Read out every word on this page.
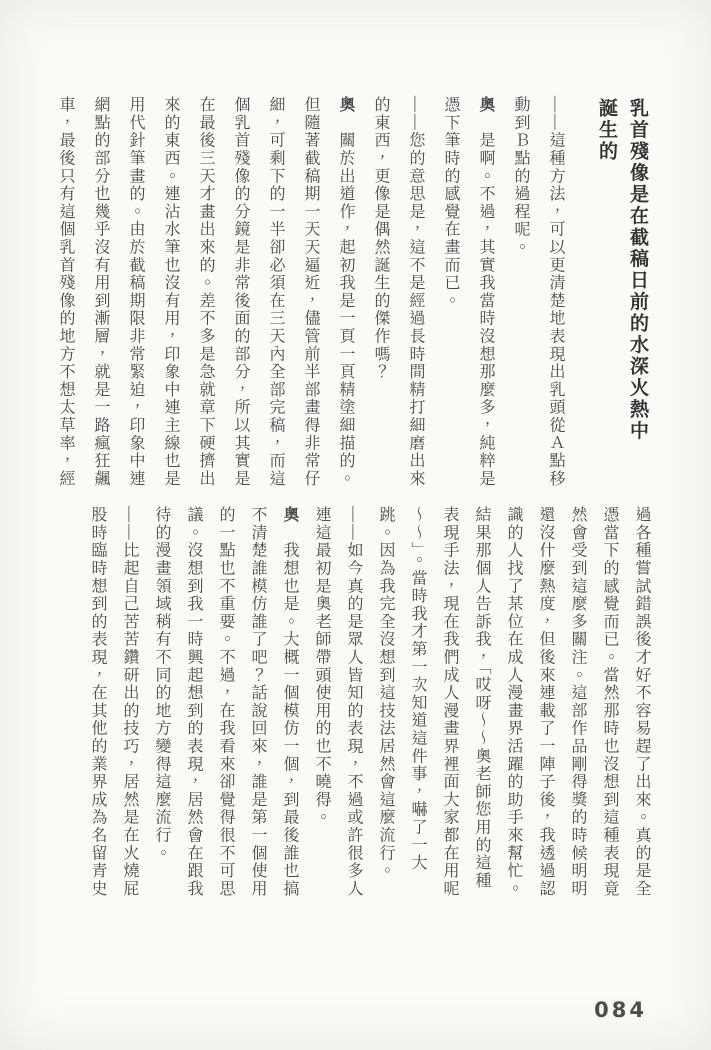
乳首殘像是在截稿日前的水深火熱中
誕生的

——這種方法，可以更清楚地表現出乳頭從Ａ點移動到Ｂ點的過程呢。

奧　是啊。不過，其實我當時沒想那麼多，純粹是憑下筆時的感覺在畫而已。

——您的意思是，這不是經過長時間精打細磨出來的東西，更像是偶然誕生的傑作嗎？

奧　關於出道作，起初我是一頁一頁精塗細描的。但隨著截稿期一天天逼近，儘管前半部畫得非常仔細，可剩下的一半卻必須在三天內全部完稿，而這個乳首殘像的分鏡是非常後面的部分，所以其實是在最後三天才畫出來的。差不多是急就章下硬擠出來的東西。連沾水筆也沒有用，印象中連主線也是用代針筆畫的。由於截稿期限非常緊迫，印象中連網點的部分也幾乎沒有用到漸層，就是一路瘋狂飆車，最後只有這個乳首殘像的地方不想太草率，經

過各種嘗試錯誤後才好不容易趕了出來。真的是全憑當下的感覺而已。當然那時也沒想到這種表現竟然會受到這麼多關注。這部作品剛得獎的時候明明還沒什麼熱度，但後來連載了一陣子後，我透過認識的人找了某位在成人漫畫界活躍的助手來幫忙。結果那個人告訴我，「哎呀～～奧老師您用的這種表現手法，現在我們成人漫畫界裡面大家都在用呢～～」。當時我才第一次知道這件事，嚇了一大跳。因為我完全沒想到這技法居然會這麼流行。

——如今真的是眾人皆知的表現，不過或許很多人連這最初是奧老師帶頭使用的也不曉得。

奧　我想也是。大概一個模仿一個，到最後誰也搞不清楚誰模仿誰了吧？話說回來，誰是第一個使用的一點也不重要。不過，在我看來卻覺得很不可思議。沒想到我一時興起想到的表現，居然會在跟我待的漫畫領域稍有不同的地方變得這麼流行。

——比起自己苦苦鑽研出的技巧，居然是在火燒屁股時臨時想到的表現，在其他的業界成為名留青史

084
